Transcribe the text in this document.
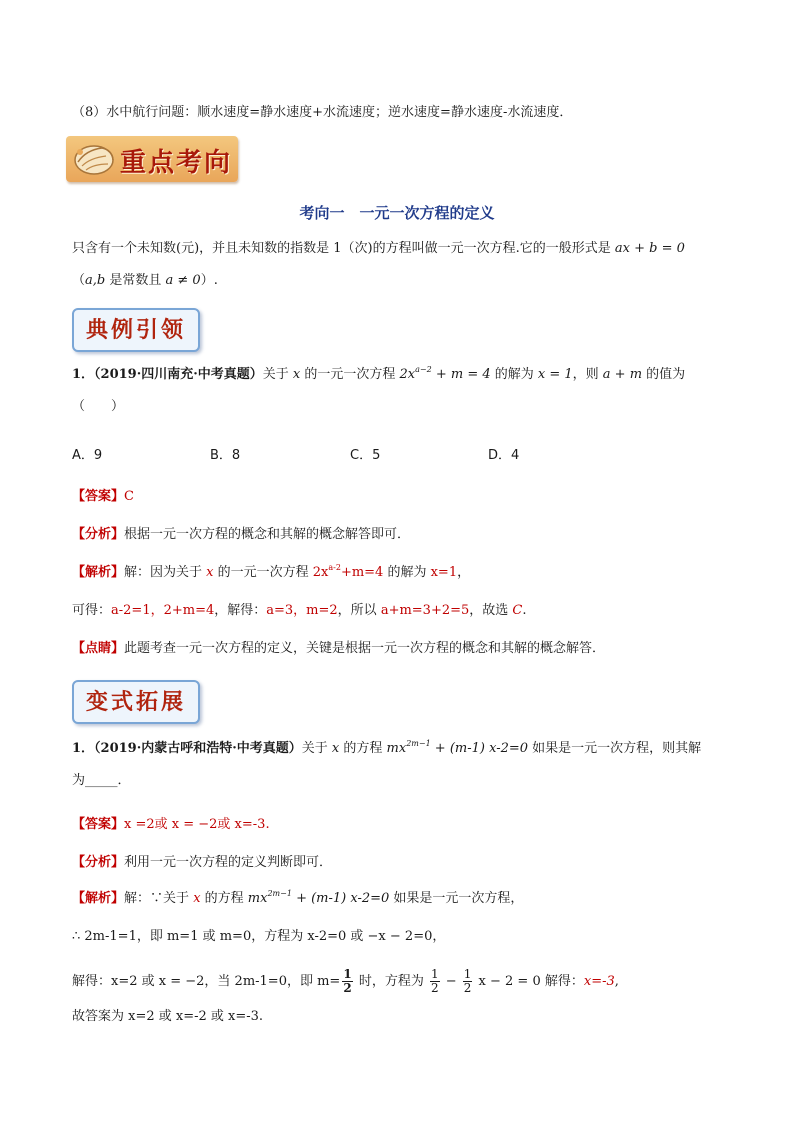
（8）水中航行问题：顺水速度=静水速度+水流速度；逆水速度=静水速度-水流速度．
重点考向
考向一　一元一次方程的定义
只含有一个未知数(元)，并且未知数的指数是 1（次)的方程叫做一元一次方程.它的一般形式是 ax + b = 0
（a,b 是常数且 a ≠ 0）.
典例引领
1．（2019·四川南充·中考真题）关于 x 的一元一次方程 $2x^{a-2} + m = 4$ 的解为 x = 1，则 a + m 的值为
（　　）
A．9	B．8	C．5	D．4
【答案】C
【分析】根据一元一次方程的概念和其解的概念解答即可．
【解析】解：因为关于 x 的一元一次方程 $2x^{a-2}+m=4$ 的解为 x=1，
可得：a-2=1，2+m=4，解得：a=3，m=2，所以 a+m=3+2=5，故选 C.
【点睛】此题考查一元一次方程的定义，关键是根据一元一次方程的概念和其解的概念解答．
变式拓展
1．（2019·内蒙古呼和浩特·中考真题）关于 x 的方程 $mx^{2m-1} + (m-1)$ x-2=0 如果是一元一次方程，则其解
为_____．
【答案】x =2或 x = −2或 x=-3.
【分析】利用一元一次方程的定义判断即可．
【解析】解：∵关于 x 的方程 $mx^{2m-1} + (m-1)$ x-2=0 如果是一元一次方程，
∴ 2m-1=1，即 m=1 或 m=0，方程为 x-2=0 或 −x − 2=0，
解得：x=2 或 x = −2，当 2m-1=0，即 $m= \frac{1}{2}$ 时，方程为 $\frac{1}{2} - \frac{1}{2}$ x − 2 = 0 解得：x=-3,
故答案为 x=2 或 x=-2 或 x=-3.
